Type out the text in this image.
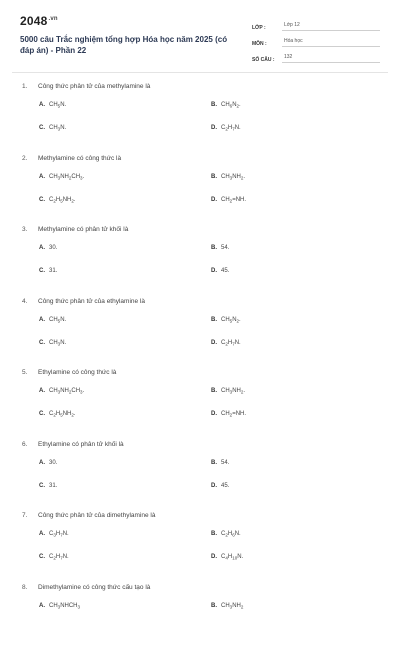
$2048^{.vn}$
5000 câu Trắc nghiệm tổng hợp Hóa học năm 2025 (có đáp án) - Phần 22
LỚP :	Lớp 12
MÔN :	Hóa học
SỐ CÂU :	132
1. Công thức phân tử của methylamine là
A. $CH_5N$.	B. $CH_6N_2$.
C. $CH_3N$.	D. $C_2H_7N$.
2. Methylamine có công thức là
A. $CH_3NH_2CH_3$.	B. $CH_3NH_2$.
C. $C_2H_5NH_2$.	D. $CH_2=NH$.
3. Methylamine có phân tử khối là
A. 30.	B. 54.
C. 31.	D. 45.
4. Công thức phân tử của ethylamine là
A. $CH_5N$.	B. $CH_5N_2$.
C. $CH_3N$.	D. $C_2H_7N$.
5. Ethylamine có công thức là
A. $CH_3NH_2CH_3$.	B. $CH_3NH_2$.
C. $C_2H_5NH_2$.	D. $CH_2=NH$.
6. Ethylamine có phân tử khối là
A. 30.	B. 54.
C. 31.	D. 45.
7. Công thức phân tử của dimethylamine là
A. $C_3H_7N$.	B. $C_2H_6N$.
C. $C_2H_7N$.	D. $C_4H_{10}N$.
8. Dimethylamine có công thức cấu tạo là
A. $CH_3NHCH_3$	B. $CH_3NH_2$
